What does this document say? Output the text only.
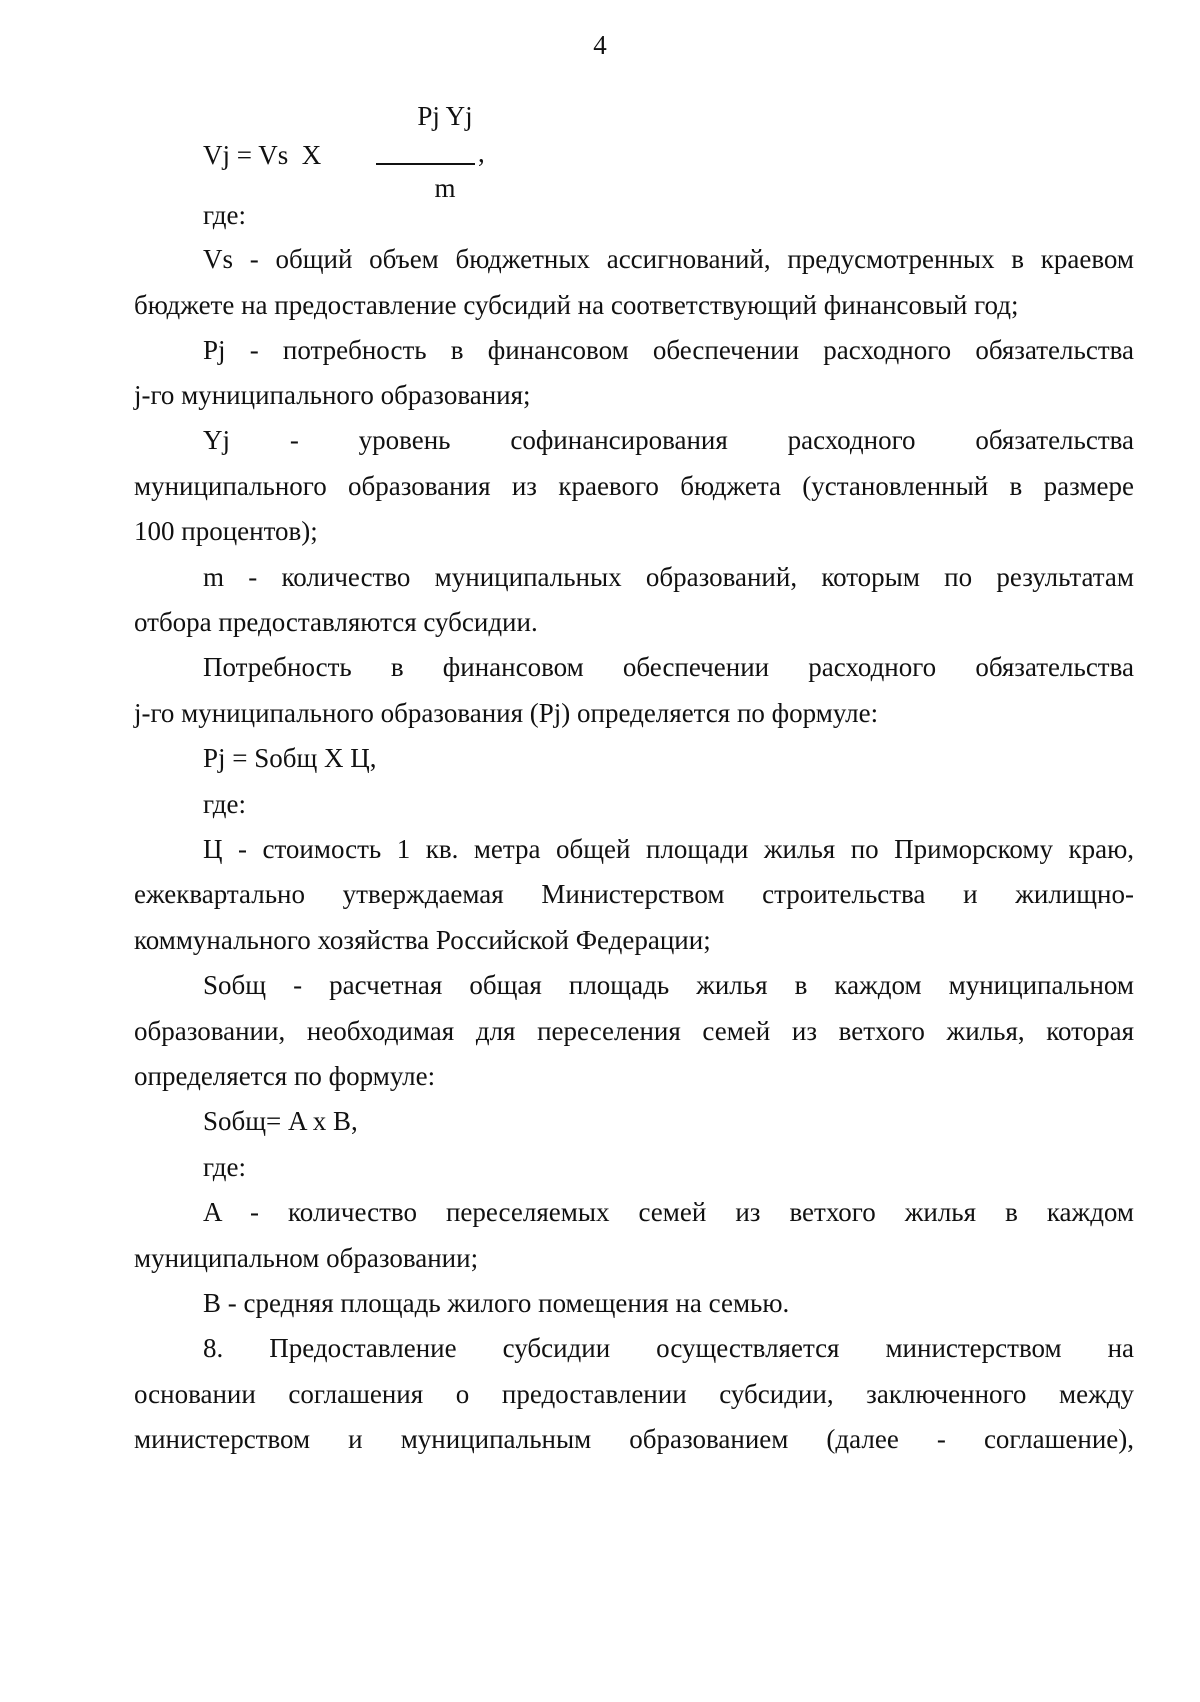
4
Pj Yj
Vj = Vs  X	,
m
где:
Vs - общий объем бюджетных ассигнований, предусмотренных в краевом
бюджете на предоставление субсидий на соответствующий финансовый год;
Pj - потребность в финансовом обеспечении расходного обязательства
j-го муниципального образования;
Yj - уровень софинансирования расходного обязательства
муниципального образования из краевого бюджета (установленный в размере
100 процентов);
m - количество муниципальных образований, которым по результатам
отбора предоставляются субсидии.
Потребность в финансовом обеспечении расходного обязательства
j-го муниципального образования (Pj) определяется по формуле:
Pj = Sобщ X Ц,
где:
Ц - стоимость 1 кв. метра общей площади жилья по Приморскому краю,
ежеквартально утверждаемая Министерством строительства и жилищно-
коммунального хозяйства Российской Федерации;
Sобщ - расчетная общая площадь жилья в каждом муниципальном
образовании, необходимая для переселения семей из ветхого жилья, которая
определяется по формуле:
Sобщ= A x B,
где:
A - количество переселяемых семей из ветхого жилья в каждом
муниципальном образовании;
B - средняя площадь жилого помещения на семью.
8. Предоставление субсидии осуществляется министерством на
основании соглашения о предоставлении субсидии, заключенного между
министерством и муниципальным образованием (далее - соглашение),
